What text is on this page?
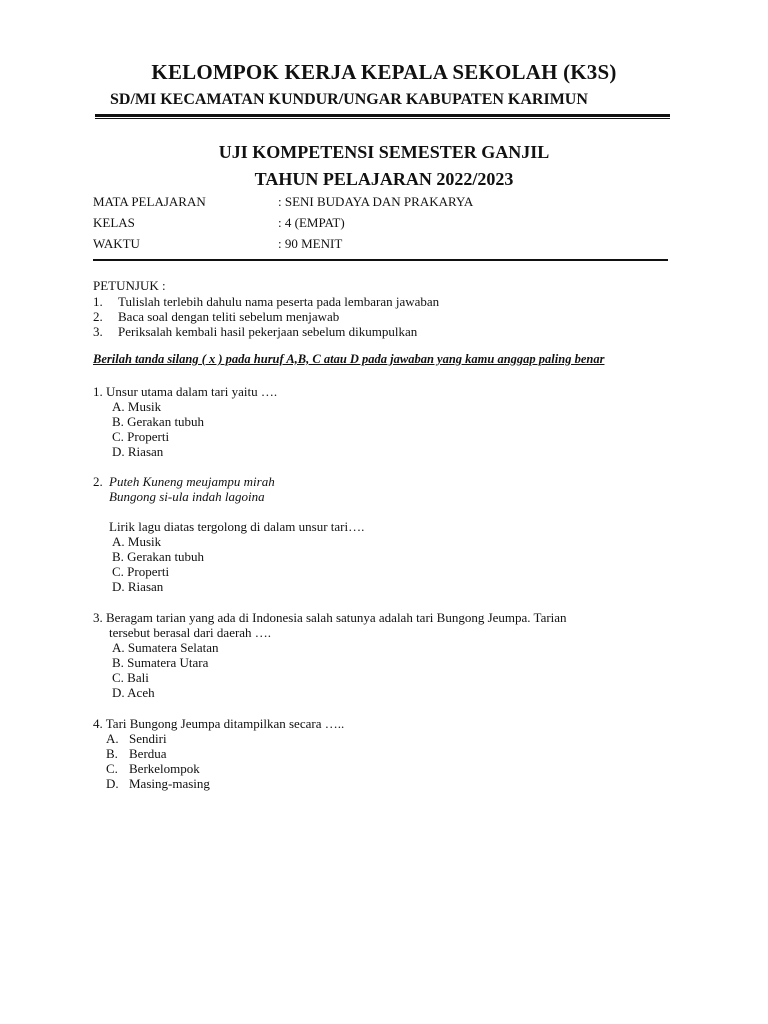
KELOMPOK KERJA KEPALA SEKOLAH (K3S)
SD/MI KECAMATAN KUNDUR/UNGAR KABUPATEN KARIMUN
UJI KOMPETENSI SEMESTER GANJIL
TAHUN PELAJARAN 2022/2023
MATA PELAJARAN	: SENI BUDAYA DAN PRAKARYA
KELAS	: 4 (EMPAT)
WAKTU	: 90 MENIT
PETUNJUK :
1. Tulislah terlebih dahulu nama peserta pada lembaran jawaban
2. Baca soal dengan teliti sebelum menjawab
3. Periksalah kembali hasil pekerjaan sebelum dikumpulkan
Berilah tanda silang ( x ) pada huruf A,B, C atau D pada jawaban yang kamu anggap paling benar
1. Unsur utama dalam tari yaitu ….
A. Musik
B. Gerakan tubuh
C. Properti
D. Riasan
2. Puteh Kuneng meujampu mirah
Bungong si-ula indah lagoina
Lirik lagu diatas tergolong di dalam unsur tari….
A. Musik
B. Gerakan tubuh
C. Properti
D. Riasan
3. Beragam tarian yang ada di Indonesia salah satunya adalah tari Bungong Jeumpa. Tarian
tersebut berasal dari daerah ….
A. Sumatera Selatan
B. Sumatera Utara
C. Bali
D. Aceh
4. Tari Bungong Jeumpa ditampilkan secara …..
A. Sendiri
B. Berdua
C. Berkelompok
D. Masing-masing
